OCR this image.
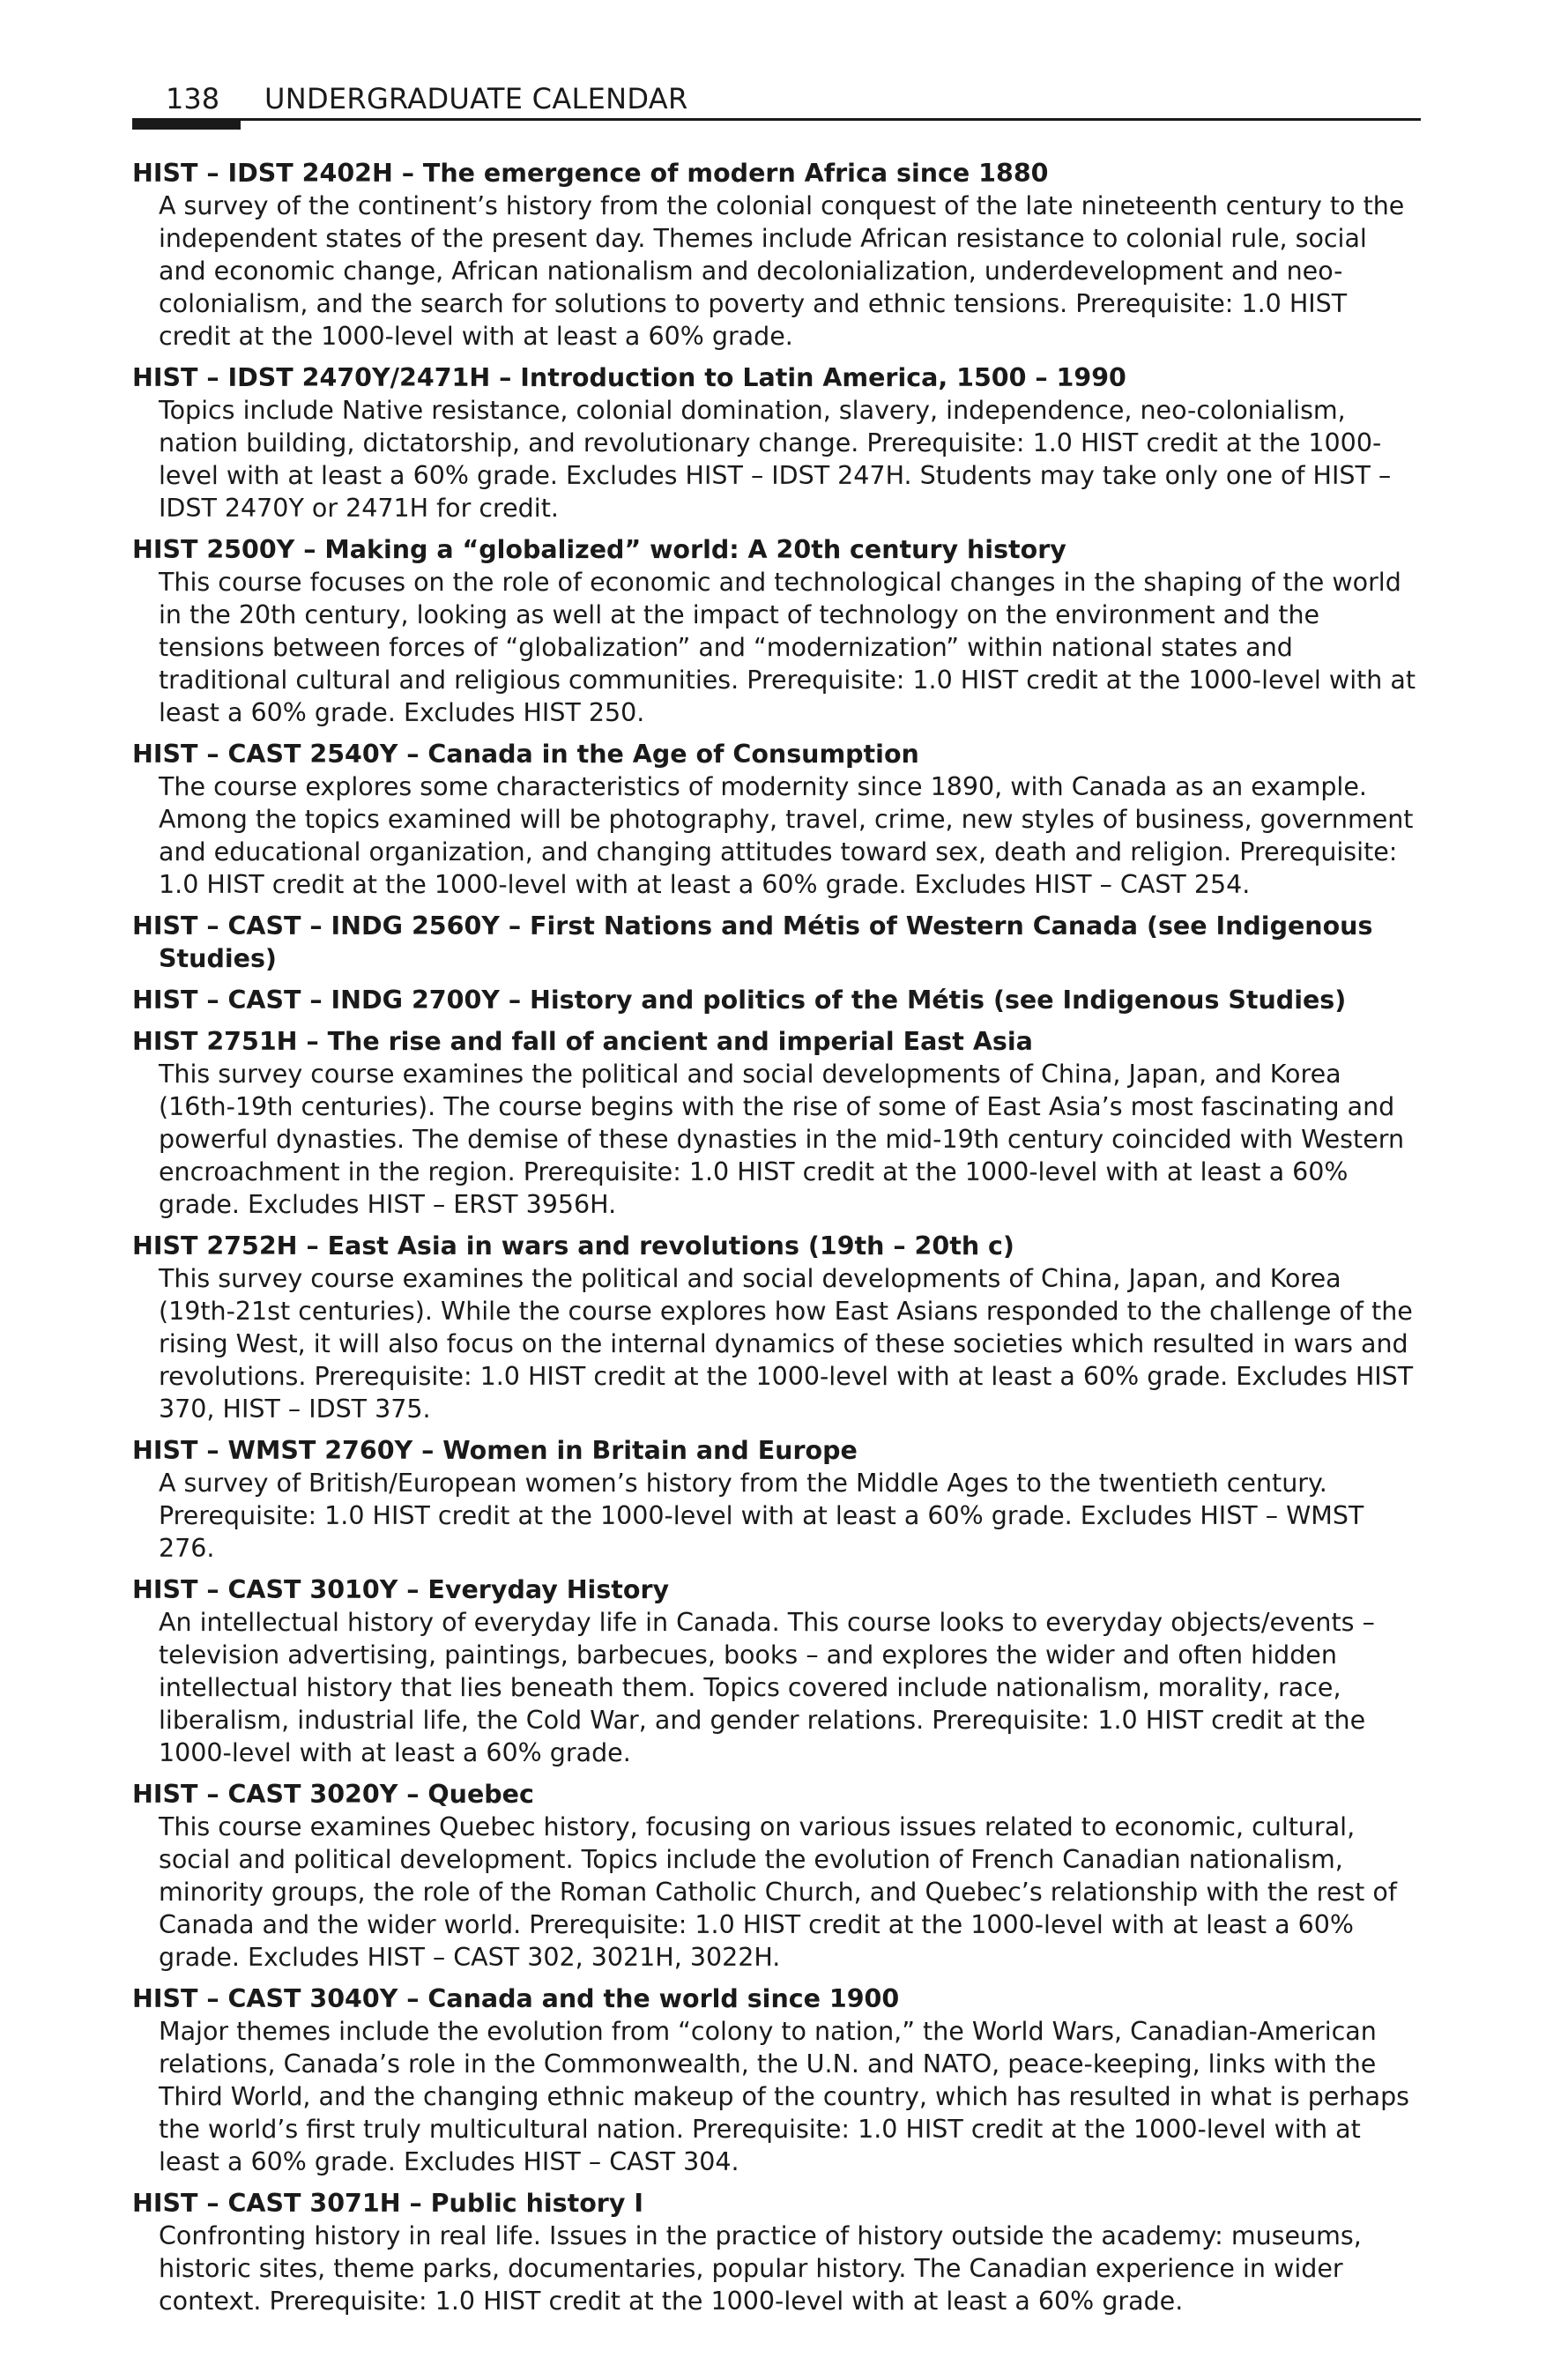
138 UNDERGRADUATE CALENDAR
HIST – IDST 2402H – The emergence of modern Africa since 1880
A survey of the continent’s history from the colonial conquest of the late nineteenth century to the independent states of the present day. Themes include African resistance to colonial rule, social and economic change, African nationalism and decolonialization, underdevelopment and neo-colonialism, and the search for solutions to poverty and ethnic tensions. Prerequisite: 1.0 HIST credit at the 1000-level with at least a 60% grade.
HIST – IDST 2470Y/2471H – Introduction to Latin America, 1500 – 1990
Topics include Native resistance, colonial domination, slavery, independence, neo-colonialism, nation building, dictatorship, and revolutionary change. Prerequisite: 1.0 HIST credit at the 1000-level with at least a 60% grade. Excludes HIST – IDST 247H. Students may take only one of HIST – IDST 2470Y or 2471H for credit.
HIST 2500Y – Making a “globalized” world: A 20th century history
This course focuses on the role of economic and technological changes in the shaping of the world in the 20th century, looking as well at the impact of technology on the environment and the tensions between forces of “globalization” and “modernization” within national states and traditional cultural and religious communities. Prerequisite: 1.0 HIST credit at the 1000-level with at least a 60% grade. Excludes HIST 250.
HIST – CAST 2540Y – Canada in the Age of Consumption
The course explores some characteristics of modernity since 1890, with Canada as an example. Among the topics examined will be photography, travel, crime, new styles of business, government and educational organization, and changing attitudes toward sex, death and religion. Prerequisite: 1.0 HIST credit at the 1000-level with at least a 60% grade. Excludes HIST – CAST 254.
HIST – CAST – INDG 2560Y – First Nations and Métis of Western Canada (see Indigenous Studies)
HIST – CAST – INDG 2700Y – History and politics of the Métis (see Indigenous Studies)
HIST 2751H – The rise and fall of ancient and imperial East Asia
This survey course examines the political and social developments of China, Japan, and Korea (16th-19th centuries). The course begins with the rise of some of East Asia’s most fascinating and powerful dynasties. The demise of these dynasties in the mid-19th century coincided with Western encroachment in the region. Prerequisite: 1.0 HIST credit at the 1000-level with at least a 60% grade. Excludes HIST – ERST 3956H.
HIST 2752H – East Asia in wars and revolutions (19th – 20th c)
This survey course examines the political and social developments of China, Japan, and Korea (19th-21st centuries). While the course explores how East Asians responded to the challenge of the rising West, it will also focus on the internal dynamics of these societies which resulted in wars and revolutions. Prerequisite: 1.0 HIST credit at the 1000-level with at least a 60% grade. Excludes HIST 370, HIST – IDST 375.
HIST – WMST 2760Y – Women in Britain and Europe
A survey of British/European women’s history from the Middle Ages to the twentieth century. Prerequisite: 1.0 HIST credit at the 1000-level with at least a 60% grade. Excludes HIST – WMST 276.
HIST – CAST 3010Y – Everyday History
An intellectual history of everyday life in Canada. This course looks to everyday objects/events – television advertising, paintings, barbecues, books – and explores the wider and often hidden intellectual history that lies beneath them. Topics covered include nationalism, morality, race, liberalism, industrial life, the Cold War, and gender relations. Prerequisite: 1.0 HIST credit at the 1000-level with at least a 60% grade.
HIST – CAST 3020Y – Quebec
This course examines Quebec history, focusing on various issues related to economic, cultural, social and political development. Topics include the evolution of French Canadian nationalism, minority groups, the role of the Roman Catholic Church, and Quebec’s relationship with the rest of Canada and the wider world. Prerequisite: 1.0 HIST credit at the 1000-level with at least a 60% grade. Excludes HIST – CAST 302, 3021H, 3022H.
HIST – CAST 3040Y – Canada and the world since 1900
Major themes include the evolution from “colony to nation,” the World Wars, Canadian-American relations, Canada’s role in the Commonwealth, the U.N. and NATO, peace-keeping, links with the Third World, and the changing ethnic makeup of the country, which has resulted in what is perhaps the world’s first truly multicultural nation. Prerequisite: 1.0 HIST credit at the 1000-level with at least a 60% grade. Excludes HIST – CAST 304.
HIST – CAST 3071H – Public history I
Confronting history in real life. Issues in the practice of history outside the academy: museums, historic sites, theme parks, documentaries, popular history. The Canadian experience in wider context. Prerequisite: 1.0 HIST credit at the 1000-level with at least a 60% grade.
